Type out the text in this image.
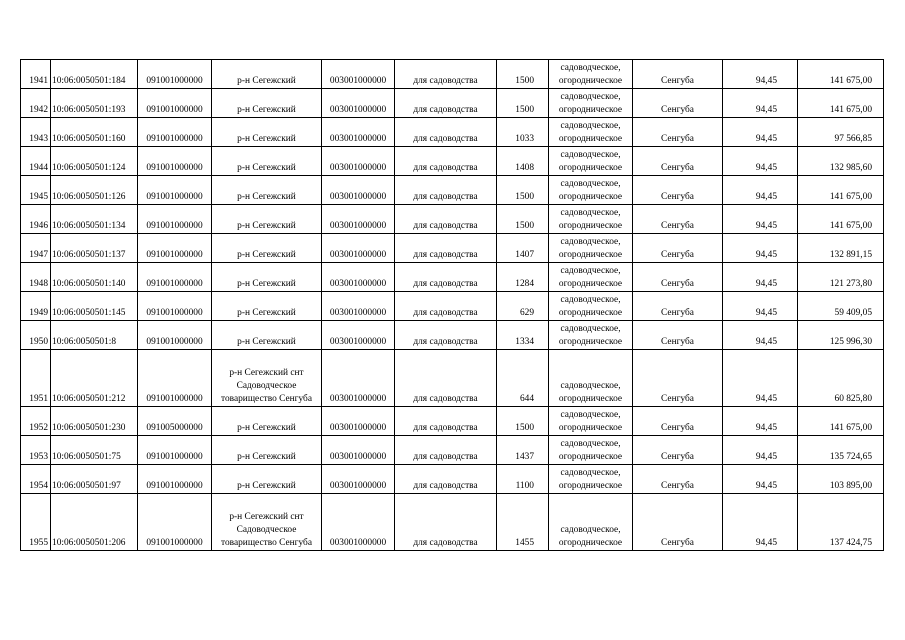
1941	10:06:0050501:184	091001000000	р-н Сегежский	003001000000	для садоводства	1500	садоводческое,
огородническое	Сенгуба	94,45	141 675,00
1942	10:06:0050501:193	091001000000	р-н Сегежский	003001000000	для садоводства	1500	садоводческое,
огородническое	Сенгуба	94,45	141 675,00
1943	10:06:0050501:160	091001000000	р-н Сегежский	003001000000	для садоводства	1033	садоводческое,
огородническое	Сенгуба	94,45	97 566,85
1944	10:06:0050501:124	091001000000	р-н Сегежский	003001000000	для садоводства	1408	садоводческое,
огородническое	Сенгуба	94,45	132 985,60
1945	10:06:0050501:126	091001000000	р-н Сегежский	003001000000	для садоводства	1500	садоводческое,
огородническое	Сенгуба	94,45	141 675,00
1946	10:06:0050501:134	091001000000	р-н Сегежский	003001000000	для садоводства	1500	садоводческое,
огородническое	Сенгуба	94,45	141 675,00
1947	10:06:0050501:137	091001000000	р-н Сегежский	003001000000	для садоводства	1407	садоводческое,
огородническое	Сенгуба	94,45	132 891,15
1948	10:06:0050501:140	091001000000	р-н Сегежский	003001000000	для садоводства	1284	садоводческое,
огородническое	Сенгуба	94,45	121 273,80
1949	10:06:0050501:145	091001000000	р-н Сегежский	003001000000	для садоводства	629	садоводческое,
огородническое	Сенгуба	94,45	59 409,05
1950	10:06:0050501:8	091001000000	р-н Сегежский	003001000000	для садоводства	1334	садоводческое,
огородническое	Сенгуба	94,45	125 996,30
1951	10:06:0050501:212	091001000000	р-н Сегежский снт
Садоводческое
товарищество Сенгуба	003001000000	для садоводства	644	садоводческое,
огородническое	Сенгуба	94,45	60 825,80
1952	10:06:0050501:230	091005000000	р-н Сегежский	003001000000	для садоводства	1500	садоводческое,
огородническое	Сенгуба	94,45	141 675,00
1953	10:06:0050501:75	091001000000	р-н Сегежский	003001000000	для садоводства	1437	садоводческое,
огородническое	Сенгуба	94,45	135 724,65
1954	10:06:0050501:97	091001000000	р-н Сегежский	003001000000	для садоводства	1100	садоводческое,
огородническое	Сенгуба	94,45	103 895,00
1955	10:06:0050501:206	091001000000	р-н Сегежский снт
Садоводческое
товарищество Сенгуба	003001000000	для садоводства	1455	садоводческое,
огородническое	Сенгуба	94,45	137 424,75
